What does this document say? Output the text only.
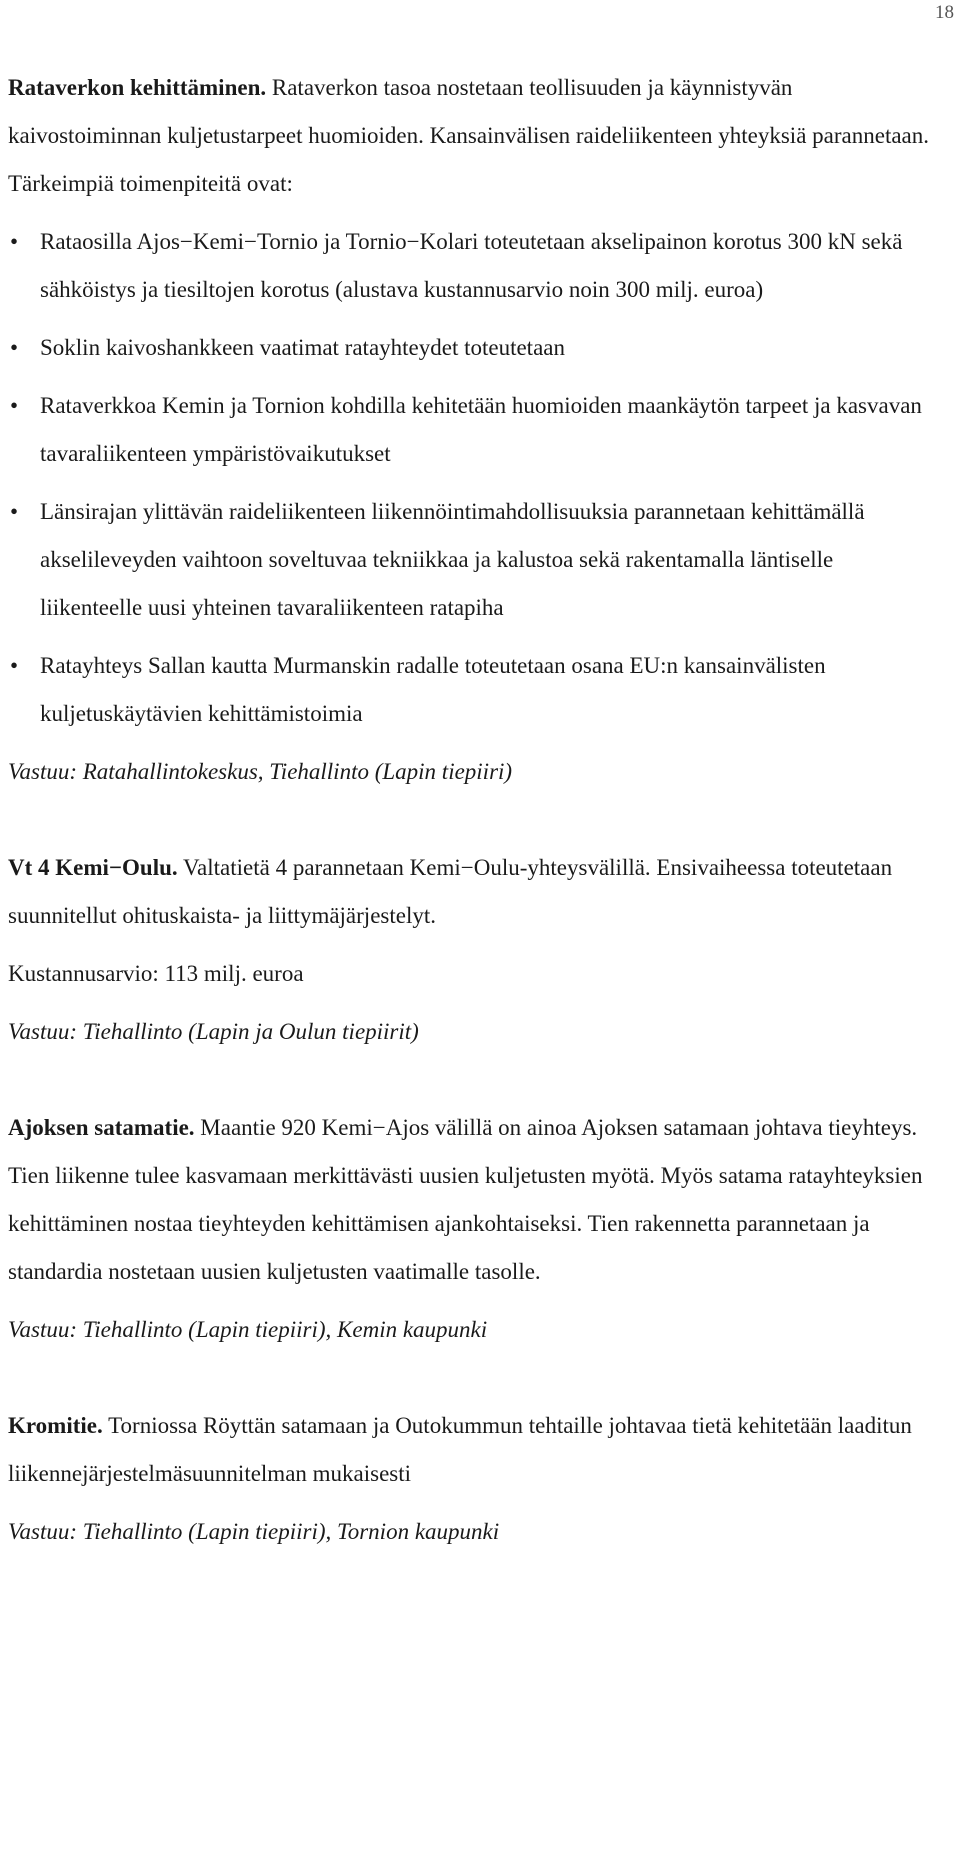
18

Rataverkon kehittäminen. Rataverkon tasoa nostetaan teollisuuden ja käynnistyvän kaivostoiminnan kuljetustarpeet huomioiden. Kansainvälisen raideliikenteen yhteyksiä parannetaan. Tärkeimpiä toimenpiteitä ovat:

• Rataosilla Ajos−Kemi−Tornio ja Tornio−Kolari toteutetaan akselipainon korotus 300 kN sekä sähköistys ja tiesiltojen korotus (alustava kustannusarvio noin 300 milj. euroa)
• Soklin kaivoshankkeen vaatimat ratayhteydet toteutetaan
• Rataverkkoa Kemin ja Tornion kohdilla kehitetään huomioiden maankäytön tarpeet ja kasvavan tavaraliikenteen ympäristövaikutukset
• Länsirajan ylittävän raideliikenteen liikennöintimahdollisuuksia parannetaan kehittämällä akselileveyden vaihtoon soveltuvaa tekniikkaa ja kalustoa sekä rakentamalla läntiselle liikenteelle uusi yhteinen tavaraliikenteen ratapiha
• Ratayhteys Sallan kautta Murmanskin radalle toteutetaan osana EU:n kansainvälisten kuljetuskäytävien kehittämistoimia

Vastuu: Ratahallintokeskus, Tiehallinto (Lapin tiepiiri)

Vt 4 Kemi−Oulu. Valtatietä 4 parannetaan Kemi−Oulu-yhteysvälillä. Ensivaiheessa toteutetaan suunnitellut ohituskaista- ja liittymäjärjestelyt.

Kustannusarvio: 113 milj. euroa

Vastuu: Tiehallinto (Lapin ja Oulun tiepiirit)

Ajoksen satamatie. Maantie 920 Kemi−Ajos välillä on ainoa Ajoksen satamaan johtava tieyhteys. Tien liikenne tulee kasvamaan merkittävästi uusien kuljetusten myötä. Myös satama ratayhteyksien kehittäminen nostaa tieyhteyden kehittämisen ajankohtaiseksi. Tien rakennetta parannetaan ja standardia nostetaan uusien kuljetusten vaatimalle tasolle.

Vastuu: Tiehallinto (Lapin tiepiiri), Kemin kaupunki

Kromitie. Torniossa Röyttän satamaan ja Outokummun tehtaille johtavaa tietä kehitetään laaditun liikennejärjestelmäsuunnitelman mukaisesti

Vastuu: Tiehallinto (Lapin tiepiiri), Tornion kaupunki
